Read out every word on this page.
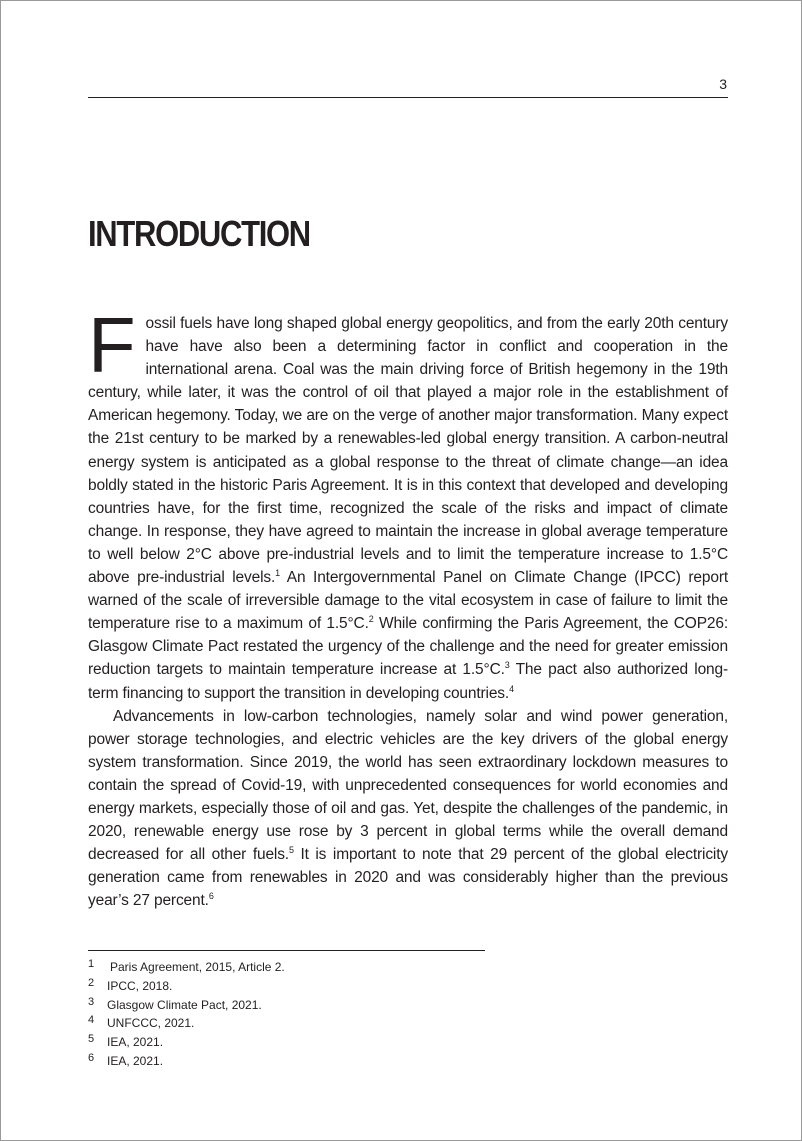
3
INTRODUCTION

Fossil fuels have long shaped global energy geopolitics, and from the early 20th century have have also been a determining factor in conflict and cooperation in the international arena. Coal was the main driving force of British hegemony in the 19th century, while later, it was the control of oil that played a major role in the establishment of American hegemony. Today, we are on the verge of another major transformation. Many expect the 21st century to be marked by a renewables-led global energy transition. A carbon-neutral energy system is anticipated as a global response to the threat of climate change—an idea boldly stated in the historic Paris Agreement. It is in this context that developed and developing countries have, for the first time, recognized the scale of the risks and impact of climate change. In response, they have agreed to maintain the increase in global average temperature to well below 2°C above pre-industrial levels and to limit the temperature increase to 1.5°C above pre-industrial levels.$^1$ An Intergovernmental Panel on Climate Change (IPCC) report warned of the scale of irreversible damage to the vital ecosystem in case of failure to limit the temperature rise to a maximum of 1.5°C.$^2$ While confirming the Paris Agreement, the COP26: Glasgow Climate Pact restated the urgency of the challenge and the need for greater emission reduction targets to maintain temperature increase at 1.5°C.$^3$ The pact also authorized long-term financing to support the transition in developing countries.$^4$

Advancements in low-carbon technologies, namely solar and wind power generation, power storage technologies, and electric vehicles are the key drivers of the global energy system transformation. Since 2019, the world has seen extraordinary lockdown measures to contain the spread of Covid-19, with unprecedented consequences for world economies and energy markets, especially those of oil and gas. Yet, despite the challenges of the pandemic, in 2020, renewable energy use rose by 3 percent in global terms while the overall demand decreased for all other fuels.$^5$ It is important to note that 29 percent of the global electricity generation came from renewables in 2020 and was considerably higher than the previous year’s 27 percent.$^6$

1	Paris Agreement, 2015, Article 2.
2	IPCC, 2018.
3	Glasgow Climate Pact, 2021.
4	UNFCCC, 2021.
5	IEA, 2021.
6	IEA, 2021.
